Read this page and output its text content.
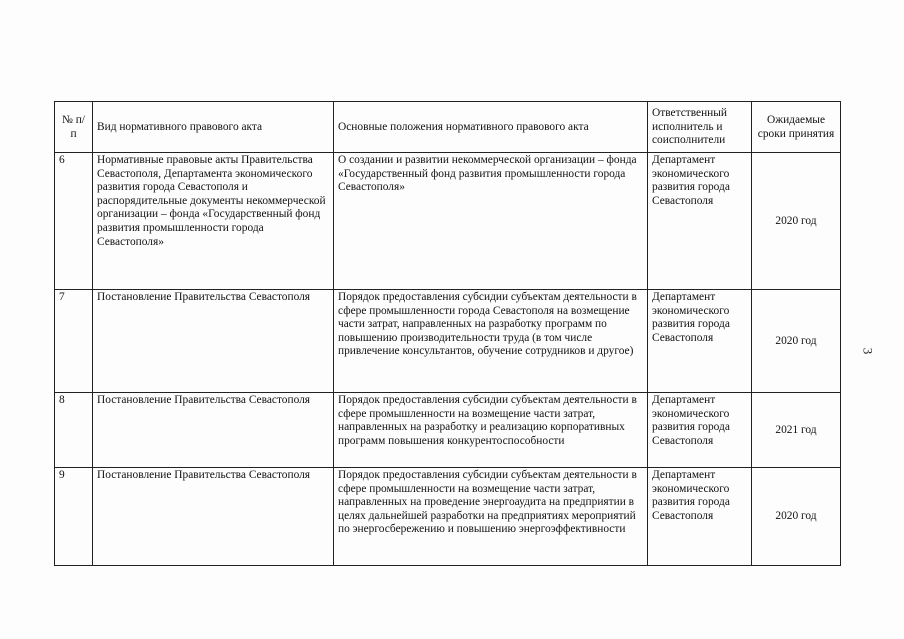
№ п/п	Вид нормативного правового акта	Основные положения нормативного правового акта	Ответственный исполнитель и соисполнители	Ожидаемые сроки принятия
6	Нормативные правовые акты Правительства Севастополя, Департамента экономического развития города Севастополя и распорядительные документы некоммерческой организации – фонда «Государственный фонд развития промышленности города Севастополя»	О создании и развитии некоммерческой организации – фонда «Государственный фонд развития промышленности города Севастополя»	Департамент экономического развития города Севастополя	2020 год
7	Постановление Правительства Севастополя	Порядок предоставления субсидии субъектам деятельности в сфере промышленности города Севастополя на возмещение части затрат, направленных на разработку программ по повышению производительности труда (в том числе привлечение консультантов, обучение сотрудников и другое)	Департамент экономического развития города Севастополя	2020 год
8	Постановление Правительства Севастополя	Порядок предоставления субсидии субъектам деятельности в сфере промышленности на возмещение части затрат, направленных на разработку и реализацию корпоративных программ повышения конкурентоспособности	Департамент экономического развития города Севастополя	2021 год
9	Постановление Правительства Севастополя	Порядок предоставления субсидии субъектам деятельности в сфере промышленности на возмещение части затрат, направленных на проведение энергоаудита на предприятии в целях дальнейшей разработки на предприятиях мероприятий по энергосбережению и повышению энергоэффективности	Департамент экономического развития города Севастополя	2020 год
3
